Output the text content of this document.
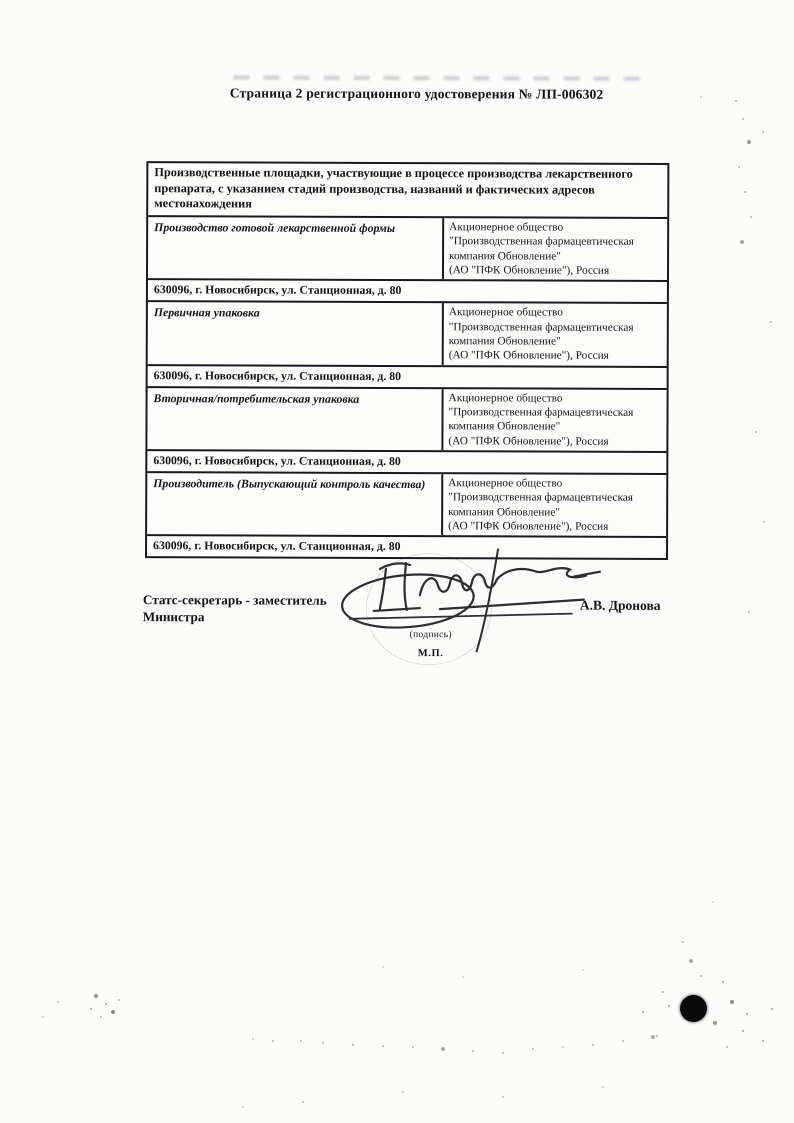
Страница 2 регистрационного удостоверения № ЛП-006302
Производственные площадки, участвующие в процессе производства лекарственного
препарата, с указанием стадий производства, названий и фактических адресов
местонахождения
Производство готовой лекарственной формы	Акционерное общество
"Производственная фармацевтическая
компания Обновление"
(АО "ПФК Обновление"), Россия
630096, г. Новосибирск, ул. Станционная, д. 80
Первичная упаковка	Акционерное общество
"Производственная фармацевтическая
компания Обновление"
(АО "ПФК Обновление"), Россия
630096, г. Новосибирск, ул. Станционная, д. 80
Вторичная/потребительская упаковка	Акционерное общество
"Производственная фармацевтическая
компания Обновление"
(АО "ПФК Обновление"), Россия
630096, г. Новосибирск, ул. Станционная, д. 80
Производитель (Выпускающий контроль качества)	Акционерное общество
"Производственная фармацевтическая
компания Обновление"
(АО "ПФК Обновление"), Россия
630096, г. Новосибирск, ул. Станционная, д. 80
Статс-секретарь - заместитель
Министра
А.В. Дронова
(подпись)
М.П.
